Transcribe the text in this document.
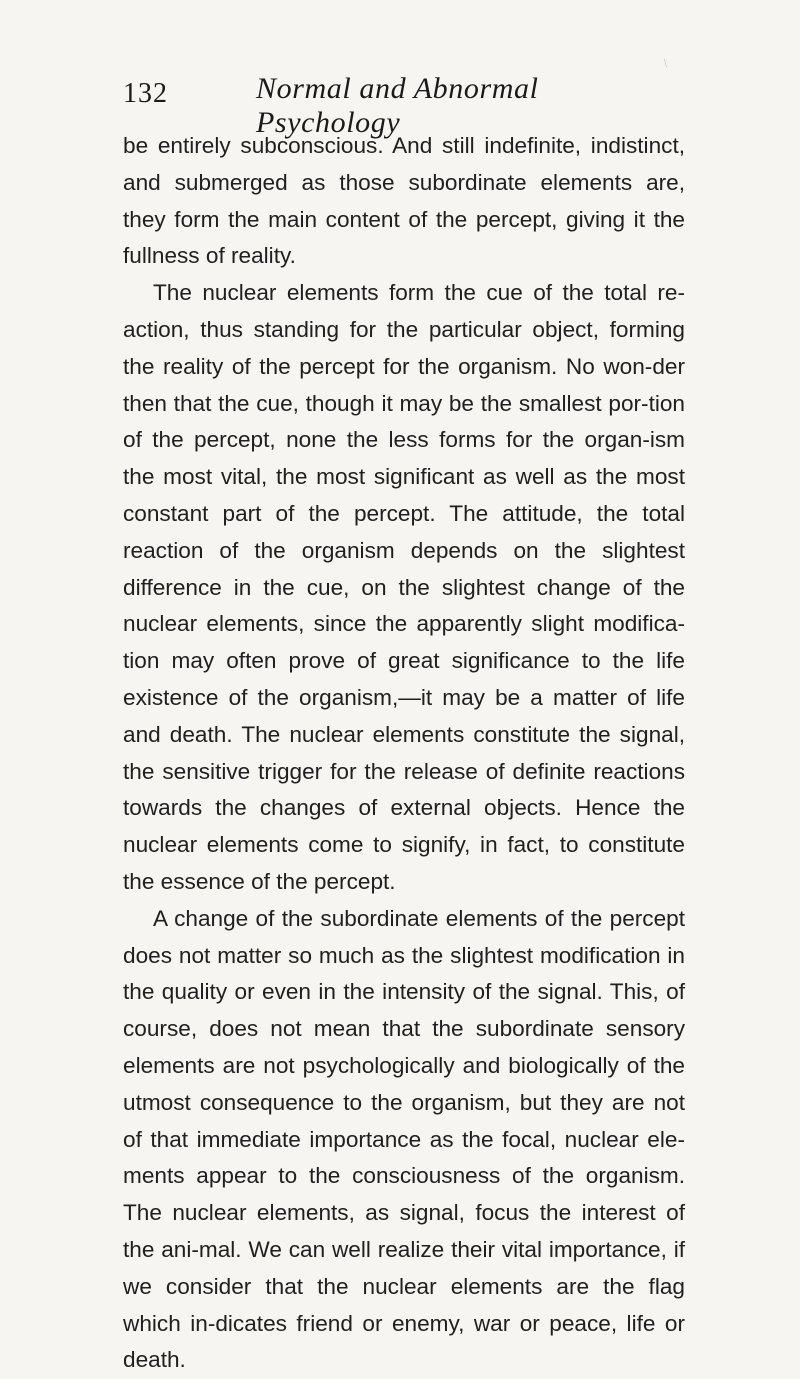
/
132	Normal and Abnormal Psychology

be entirely subconscious. And still indefinite, indistinct, and submerged as those subordinate elements are, they form the main content of the percept, giving it the fullness of reality.

The nuclear elements form the cue of the total re-action, thus standing for the particular object, forming the reality of the percept for the organism. No won-der then that the cue, though it may be the smallest por-tion of the percept, none the less forms for the organ-ism the most vital, the most significant as well as the most constant part of the percept. The attitude, the total reaction of the organism depends on the slightest difference in the cue, on the slightest change of the nuclear elements, since the apparently slight modifica-tion may often prove of great significance to the life existence of the organism,—it may be a matter of life and death. The nuclear elements constitute the signal, the sensitive trigger for the release of definite reactions towards the changes of external objects. Hence the nuclear elements come to signify, in fact, to constitute the essence of the percept.

A change of the subordinate elements of the percept does not matter so much as the slightest modification in the quality or even in the intensity of the signal. This, of course, does not mean that the subordinate sensory elements are not psychologically and biologically of the utmost consequence to the organism, but they are not of that immediate importance as the focal, nuclear ele-ments appear to the consciousness of the organism. The nuclear elements, as signal, focus the interest of the ani-mal. We can well realize their vital importance, if we consider that the nuclear elements are the flag which in-dicates friend or enemy, war or peace, life or death.
